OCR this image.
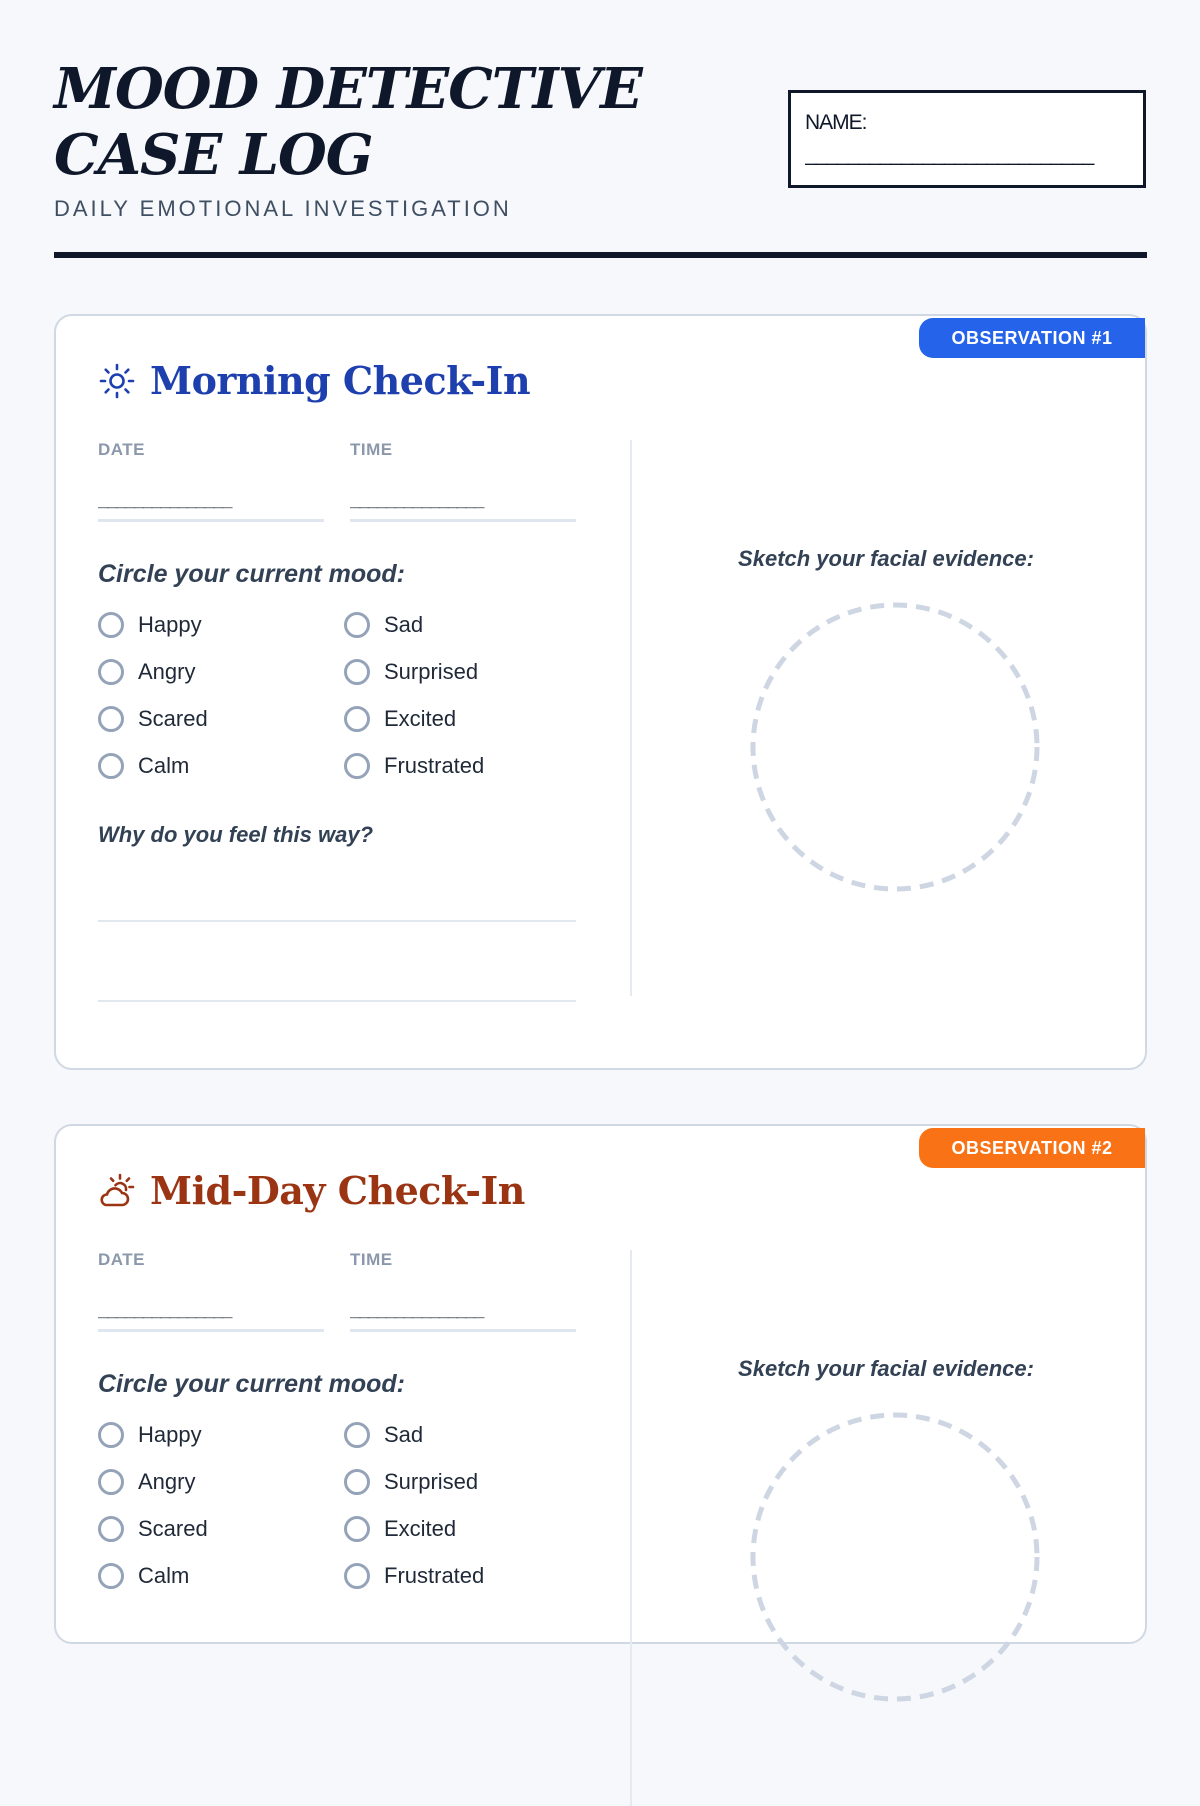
MOOD DETECTIVE CASE LOG
DAILY EMOTIONAL INVESTIGATION
NAME:
___________________________
OBSERVATION #1
Morning Check-In
DATE	TIME
_______________	_______________
Circle your current mood:
Happy	Sad
Angry	Surprised
Scared	Excited
Calm	Frustrated
Why do you feel this way?
Sketch your facial evidence:
OBSERVATION #2
Mid-Day Check-In
DATE	TIME
_______________	_______________
Circle your current mood:
Happy	Sad
Angry	Surprised
Scared	Excited
Calm	Frustrated
Sketch your facial evidence:
